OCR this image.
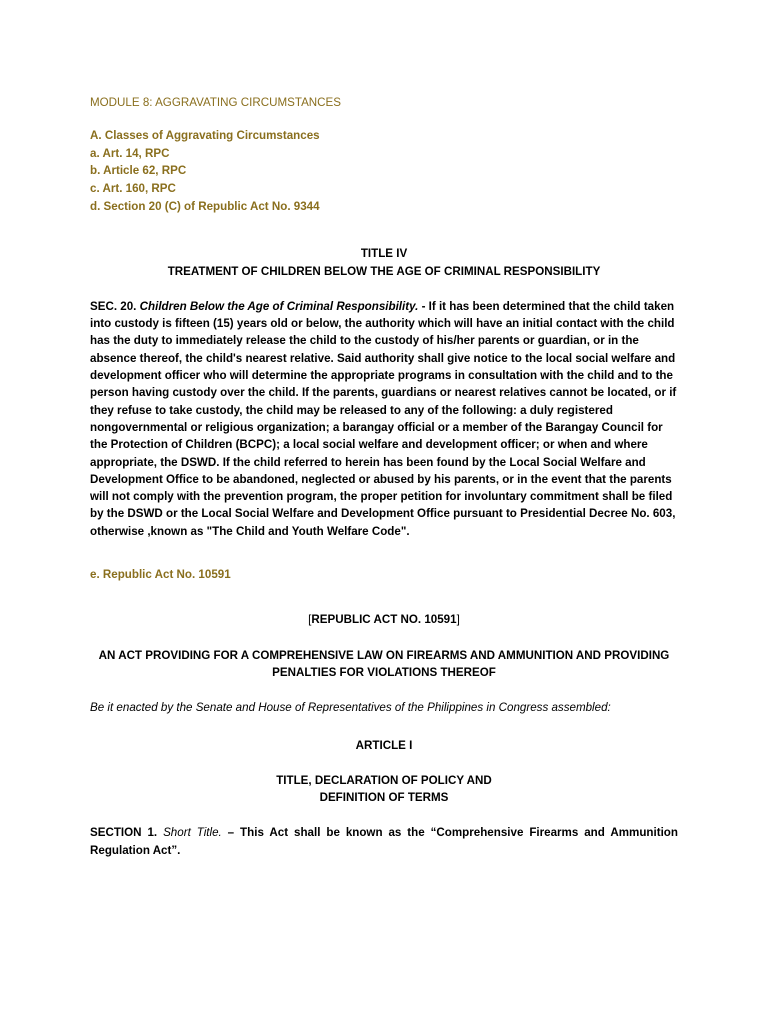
MODULE 8: AGGRAVATING CIRCUMSTANCES
A. Classes of Aggravating Circumstances
a. Art. 14, RPC
b. Article 62, RPC
c. Art. 160, RPC
d. Section 20 (C) of Republic Act No. 9344
TITLE IV
TREATMENT OF CHILDREN BELOW THE AGE OF CRIMINAL RESPONSIBILITY

SEC. 20. Children Below the Age of Criminal Responsibility. - If it has been determined that the child taken into custody is fifteen (15) years old or below, the authority which will have an initial contact with the child has the duty to immediately release the child to the custody of his/her parents or guardian, or in the absence thereof, the child's nearest relative. Said authority shall give notice to the local social welfare and development officer who will determine the appropriate programs in consultation with the child and to the person having custody over the child. If the parents, guardians or nearest relatives cannot be located, or if they refuse to take custody, the child may be released to any of the following: a duly registered nongovernmental or religious organization; a barangay official or a member of the Barangay Council for the Protection of Children (BCPC); a local social welfare and development officer; or when and where appropriate, the DSWD. If the child referred to herein has been found by the Local Social Welfare and Development Office to be abandoned, neglected or abused by his parents, or in the event that the parents will not comply with the prevention program, the proper petition for involuntary commitment shall be filed by the DSWD or the Local Social Welfare and Development Office pursuant to Presidential Decree No. 603, otherwise ,known as "The Child and Youth Welfare Code".

e. Republic Act No. 10591
[REPUBLIC ACT NO. 10591]
AN ACT PROVIDING FOR A COMPREHENSIVE LAW ON FIREARMS AND AMMUNITION AND PROVIDING PENALTIES FOR VIOLATIONS THEREOF
Be it enacted by the Senate and House of Representatives of the Philippines in Congress assembled:
ARTICLE I
TITLE, DECLARATION OF POLICY AND
DEFINITION OF TERMS

SECTION 1. Short Title. – This Act shall be known as the “Comprehensive Firearms and Ammunition Regulation Act”.
